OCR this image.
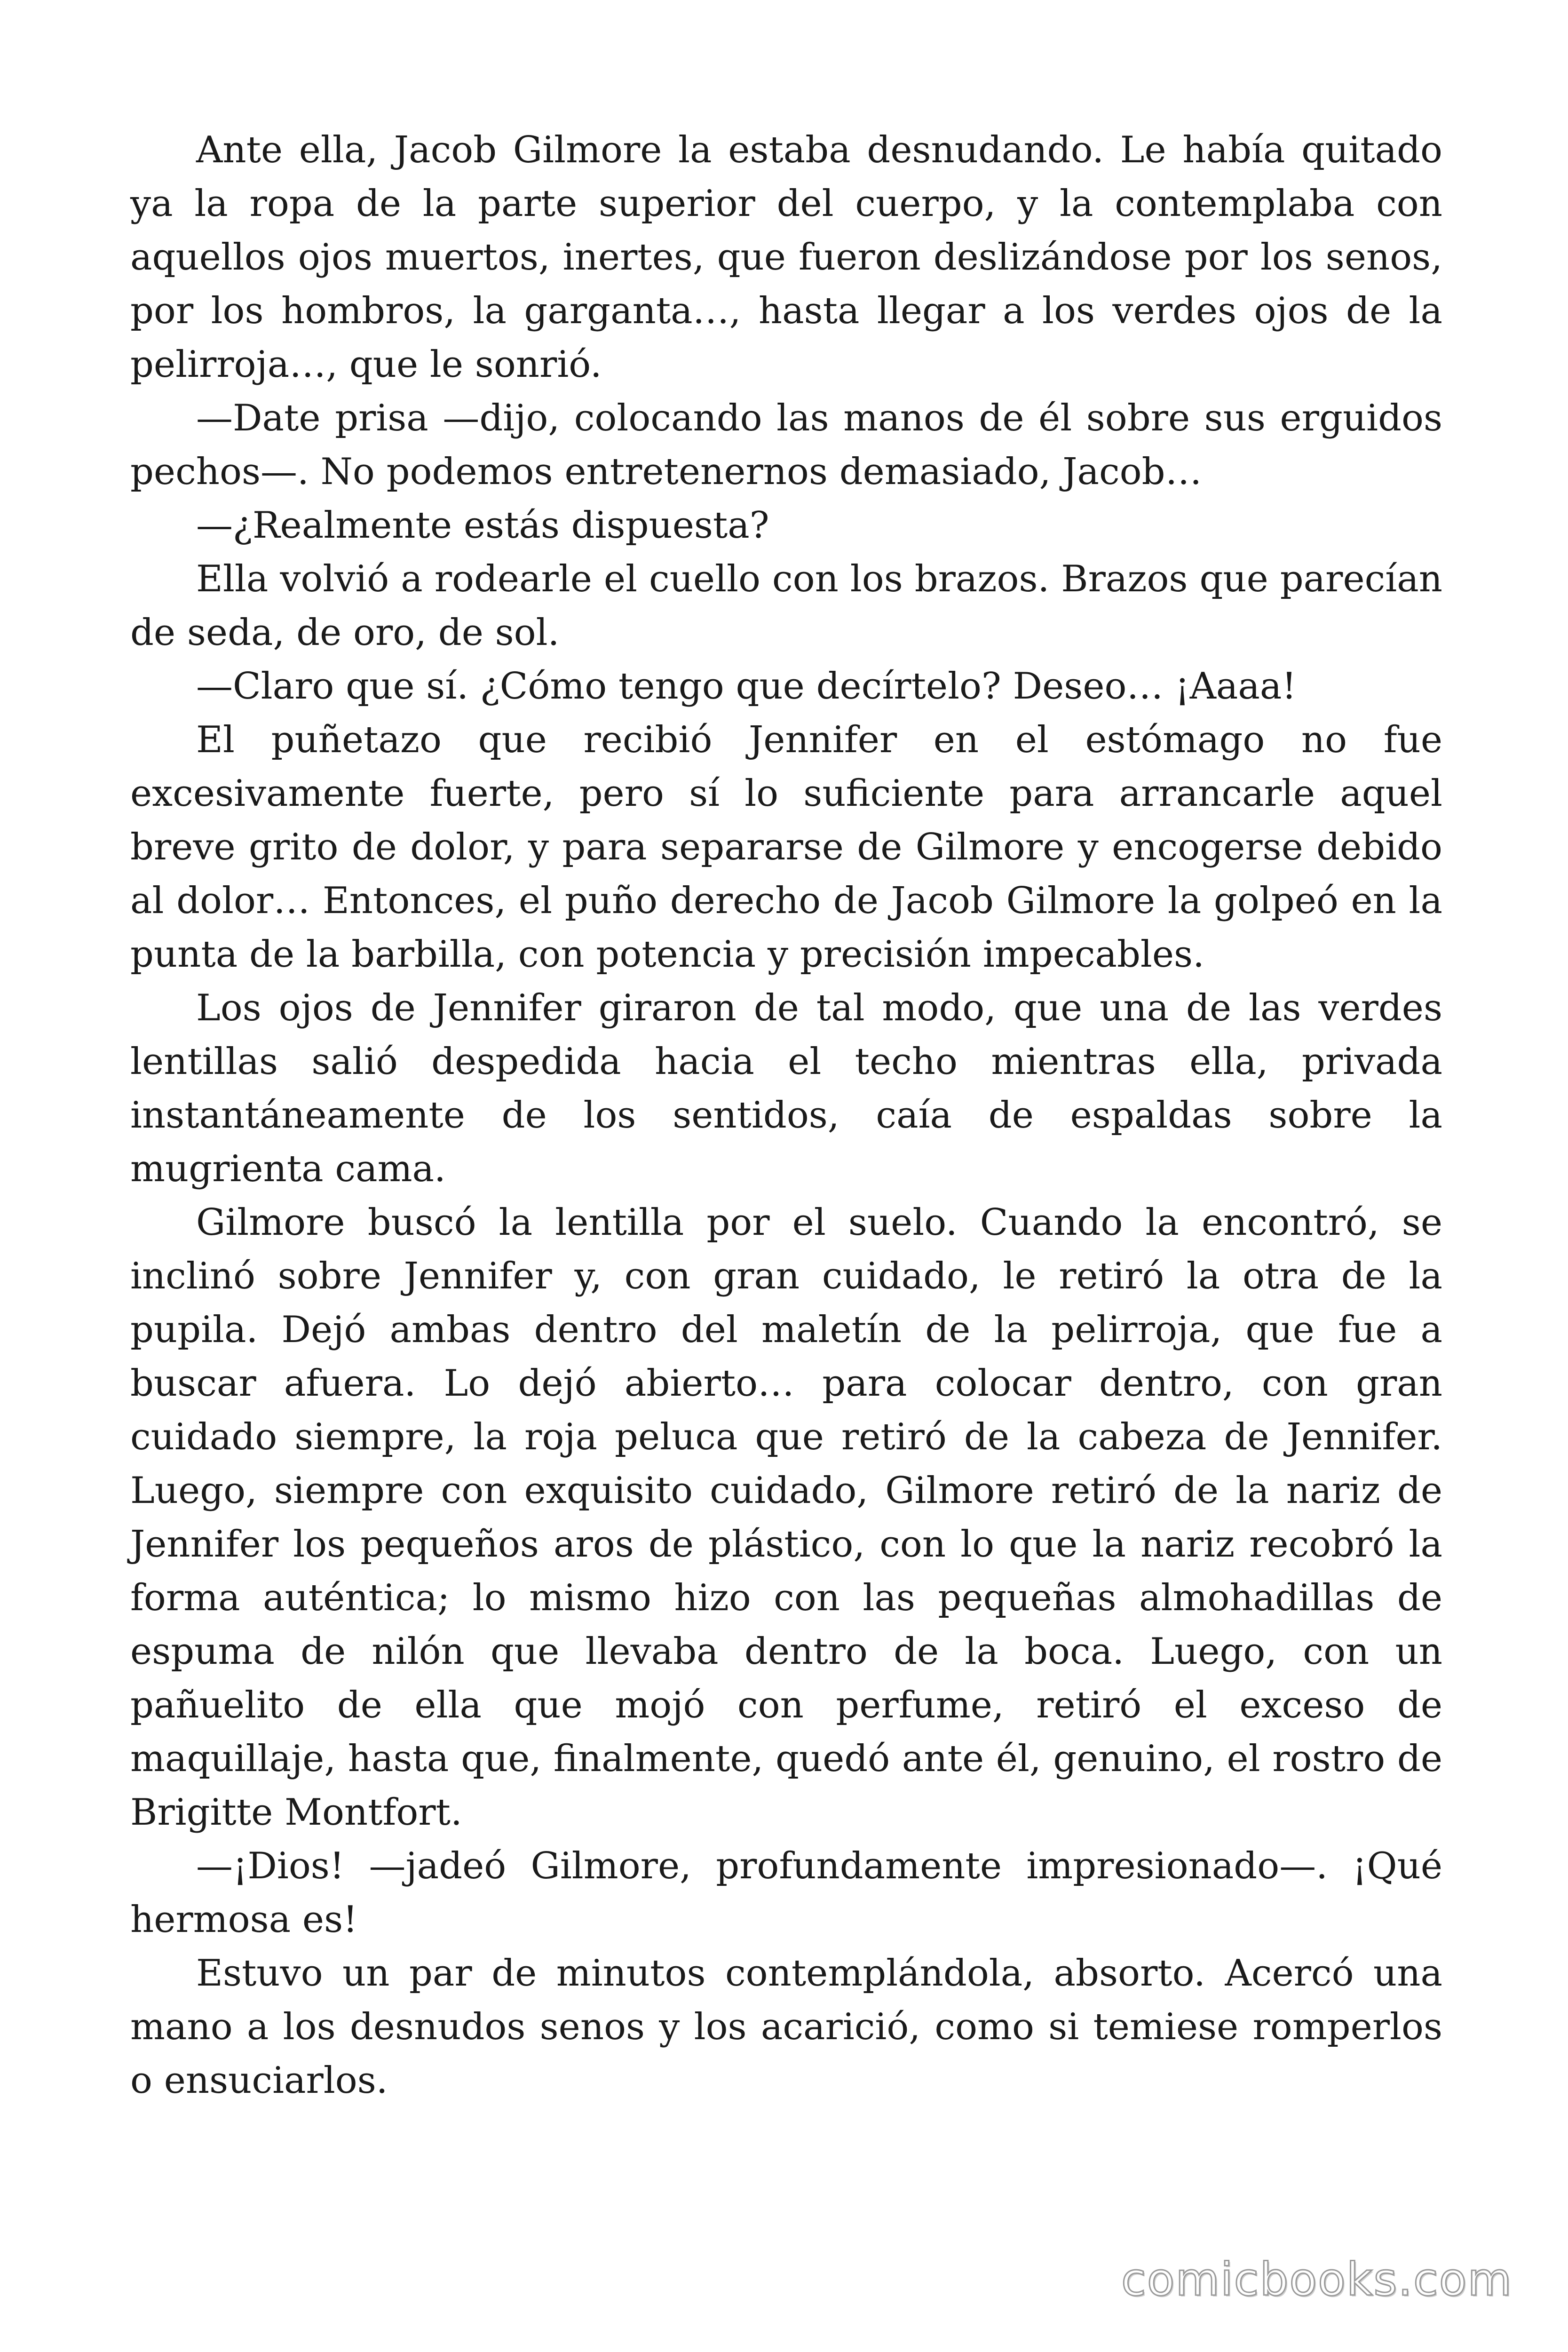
Ante ella, Jacob Gilmore la estaba desnudando. Le había quitado ya la ropa de la parte superior del cuerpo, y la contemplaba con aquellos ojos muertos, inertes, que fueron deslizándose por los senos, por los hombros, la garganta…, hasta llegar a los verdes ojos de la pelirroja…, que le sonrió.

—Date prisa —dijo, colocando las manos de él sobre sus erguidos pechos—. No podemos entretenernos demasiado, Jacob…

—¿Realmente estás dispuesta?

Ella volvió a rodearle el cuello con los brazos. Brazos que parecían de seda, de oro, de sol.

—Claro que sí. ¿Cómo tengo que decírtelo? Deseo… ¡Aaaa!

El puñetazo que recibió Jennifer en el estómago no fue excesivamente fuerte, pero sí lo suficiente para arrancarle aquel breve grito de dolor, y para separarse de Gilmore y encogerse debido al dolor… Entonces, el puño derecho de Jacob Gilmore la golpeó en la punta de la barbilla, con potencia y precisión impecables.

Los ojos de Jennifer giraron de tal modo, que una de las verdes lentillas salió despedida hacia el techo mientras ella, privada instantáneamente de los sentidos, caía de espaldas sobre la mugrienta cama.

Gilmore buscó la lentilla por el suelo. Cuando la encontró, se inclinó sobre Jennifer y, con gran cuidado, le retiró la otra de la pupila. Dejó ambas dentro del maletín de la pelirroja, que fue a buscar afuera. Lo dejó abierto… para colocar dentro, con gran cuidado siempre, la roja peluca que retiró de la cabeza de Jennifer. Luego, siempre con exquisito cuidado, Gilmore retiró de la nariz de Jennifer los pequeños aros de plástico, con lo que la nariz recobró la forma auténtica; lo mismo hizo con las pequeñas almohadillas de espuma de nilón que llevaba dentro de la boca. Luego, con un pañuelito de ella que mojó con perfume, retiró el exceso de maquillaje, hasta que, finalmente, quedó ante él, genuino, el rostro de Brigitte Montfort.

—¡Dios! —jadeó Gilmore, profundamente impresionado—. ¡Qué hermosa es!

Estuvo un par de minutos contemplándola, absorto. Acercó una mano a los desnudos senos y los acarició, como si temiese romperlos o ensuciarlos.

comicbooks.com
